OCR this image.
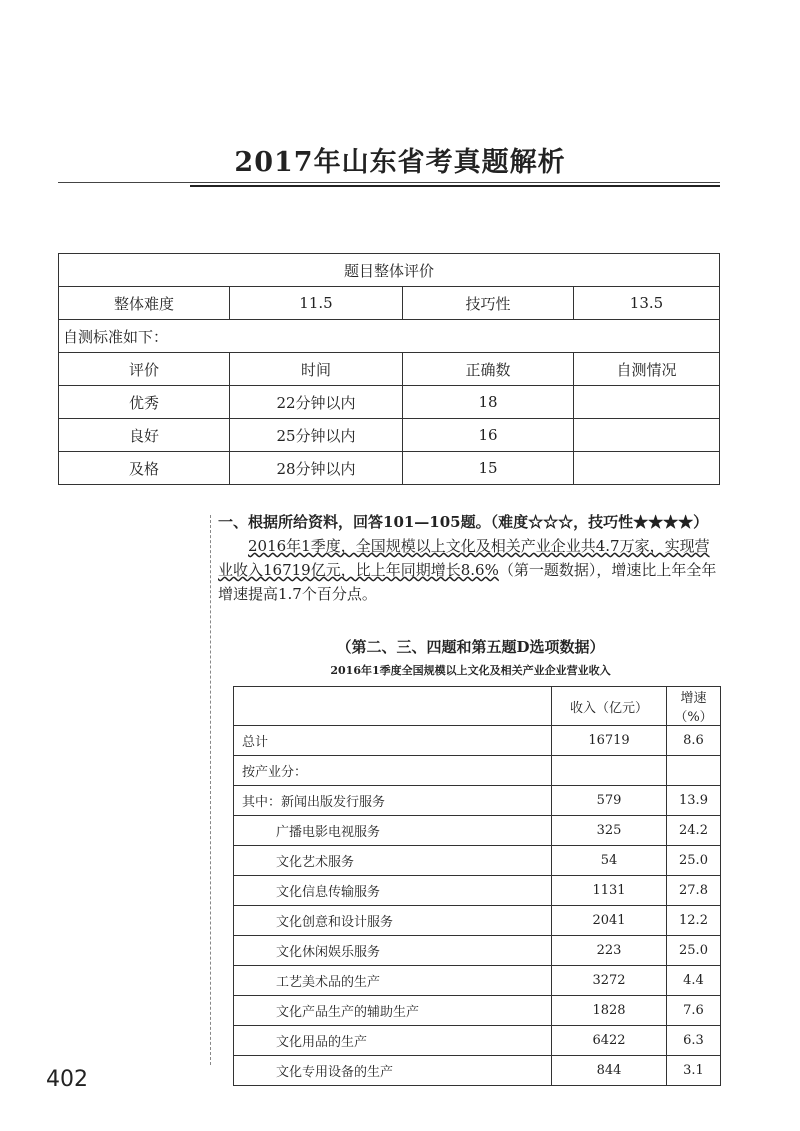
2017年山东省考真题解析
题目整体评价			
整体难度	11.5	技巧性	13.5
自测标准如下：			
评价	时间	正确数	自测情况
优秀	22分钟以内	18	
良好	25分钟以内	16	
及格	28分钟以内	15	
一、根据所给资料，回答101—105题。（难度☆☆☆，技巧性★★★★）
2016年1季度，全国规模以上文化及相关产业企业共4.7万家，实现营业收入16719亿元，比上年同期增长8.6%（第一题数据），增速比上年全年增速提高1.7个百分点。
（第二、三、四题和第五题D选项数据）
2016年1季度全国规模以上文化及相关产业企业营业收入
	收入（亿元）	增速（%）
总计	16719	8.6
按产业分：		
其中：新闻出版发行服务	579	13.9
广播电影电视服务	325	24.2
文化艺术服务	54	25.0
文化信息传输服务	1131	27.8
文化创意和设计服务	2041	12.2
文化休闲娱乐服务	223	25.0
工艺美术品的生产	3272	4.4
文化产品生产的辅助生产	1828	7.6
文化用品的生产	6422	6.3
文化专用设备的生产	844	3.1
402
